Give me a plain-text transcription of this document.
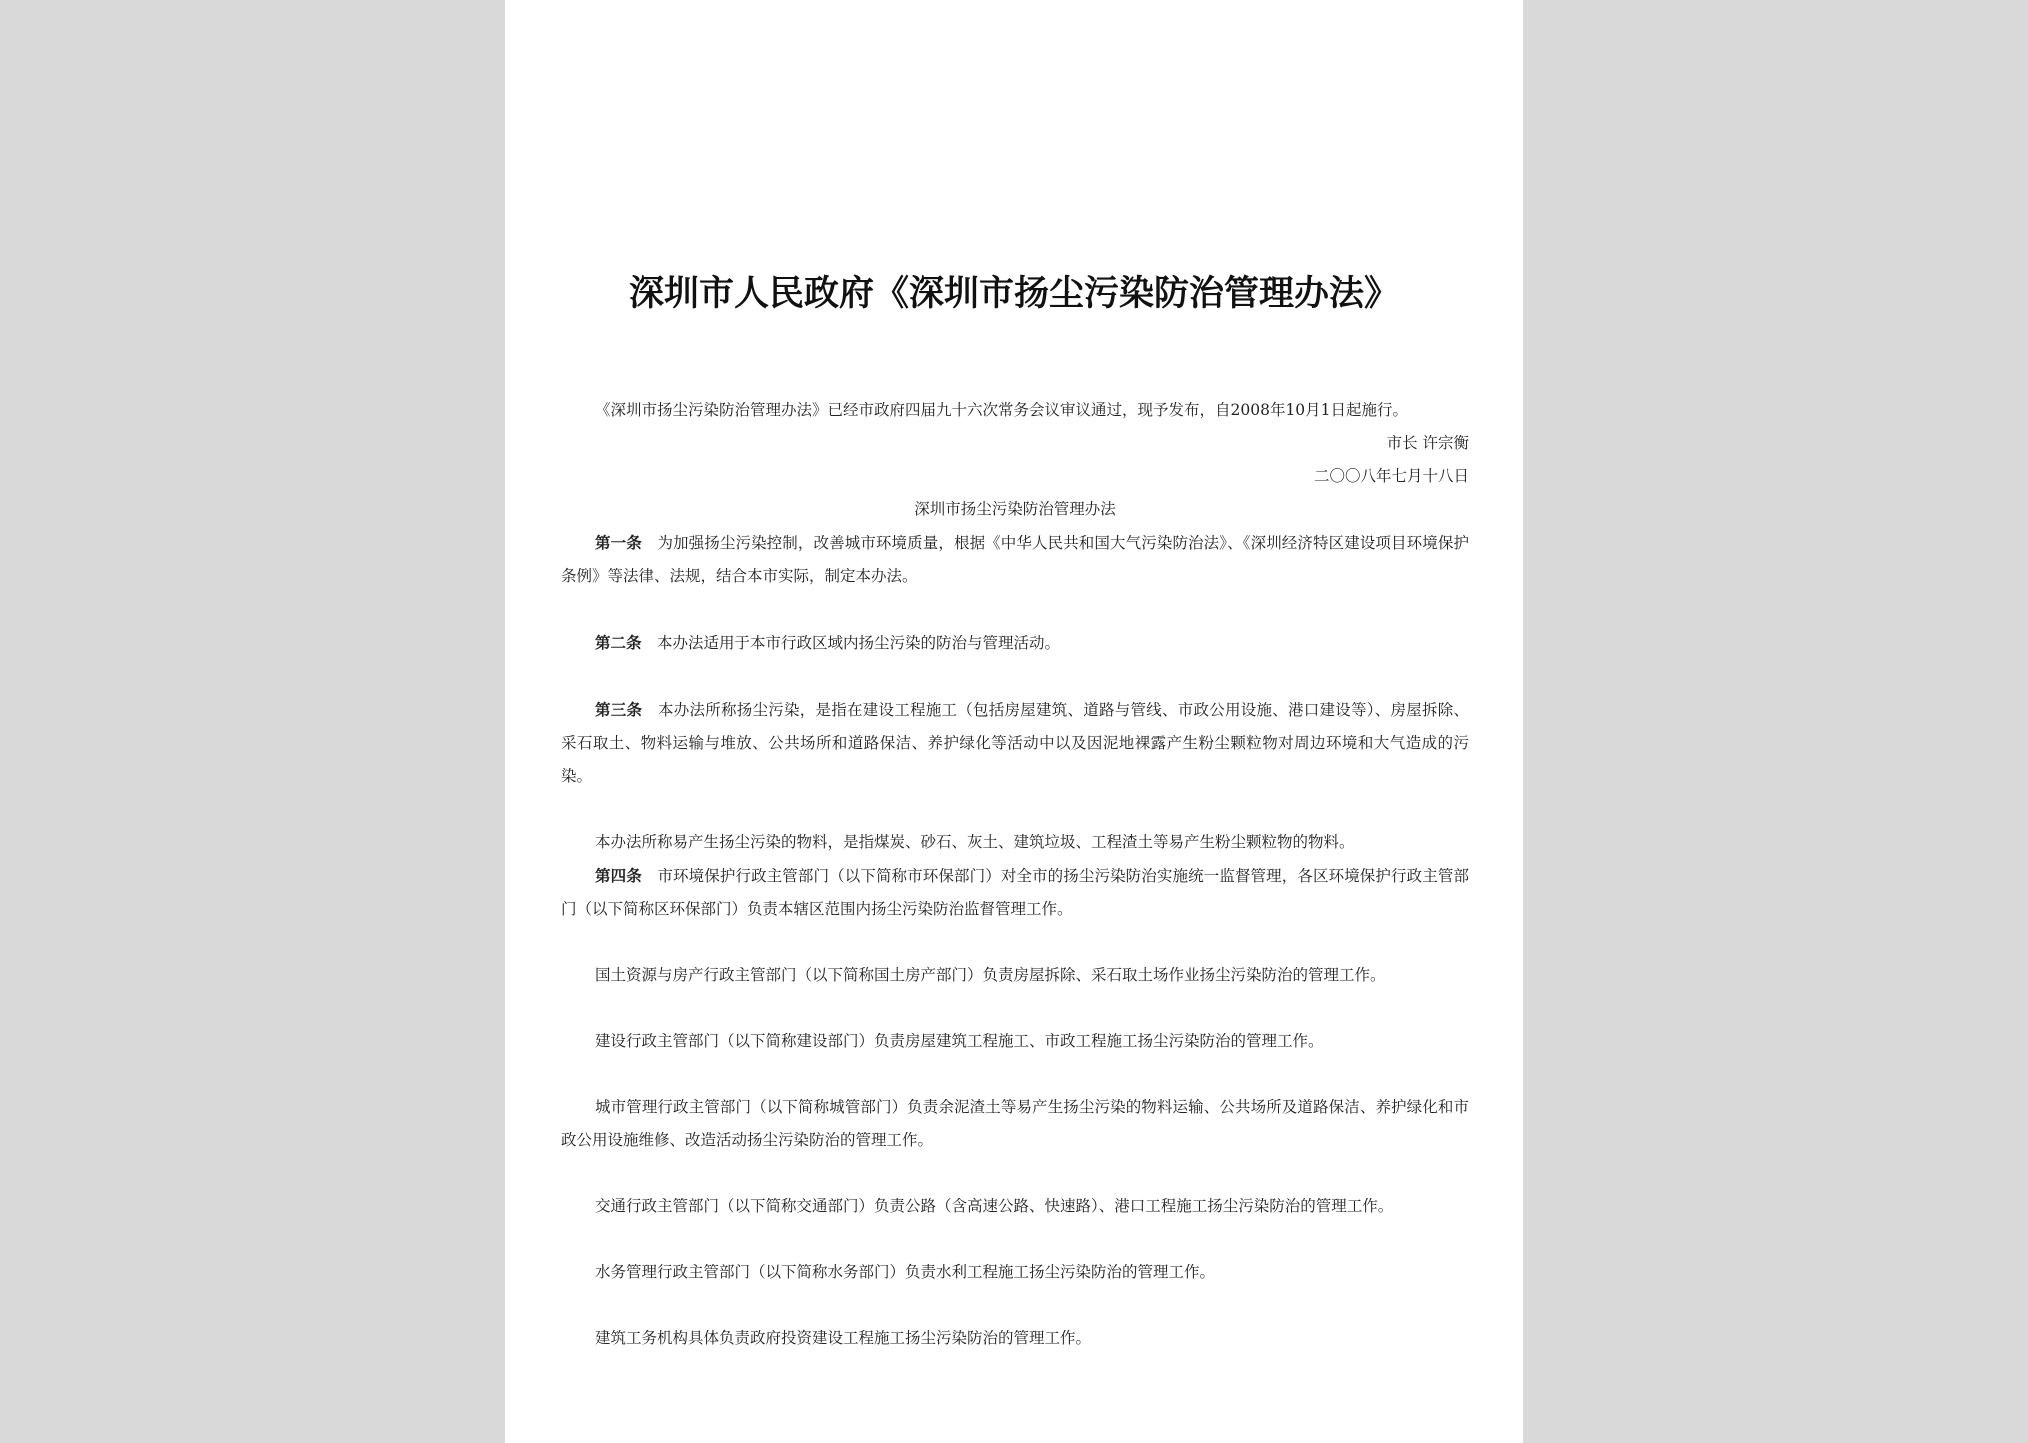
深圳市人民政府《深圳市扬尘污染防治管理办法》

《深圳市扬尘污染防治管理办法》已经市政府四届九十六次常务会议审议通过，现予发布，自2008年10月1日起施行。

市长 许宗衡

二〇〇八年七月十八日

深圳市扬尘污染防治管理办法

第一条　 为加强扬尘污染控制，改善城市环境质量，根据《中华人民共和国大气污染防治法》、《深圳经济特区建设项目环境保护条例》等法律、法规，结合本市实际，制定本办法。

第二条　 本办法适用于本市行政区域内扬尘污染的防治与管理活动。

第三条　 本办法所称扬尘污染，是指在建设工程施工（包括房屋建筑、道路与管线、市政公用设施、港口建设等）、房屋拆除、采石取土、物料运输与堆放、公共场所和道路保洁、养护绿化等活动中以及因泥地裸露产生粉尘颗粒物对周边环境和大气造成的污染。

本办法所称易产生扬尘污染的物料，是指煤炭、砂石、灰土、建筑垃圾、工程渣土等易产生粉尘颗粒物的物料。

第四条　 市环境保护行政主管部门（以下简称市环保部门）对全市的扬尘污染防治实施统一监督管理，各区环境保护行政主管部门（以下简称区环保部门）负责本辖区范围内扬尘污染防治监督管理工作。

国土资源与房产行政主管部门（以下简称国土房产部门）负责房屋拆除、采石取土场作业扬尘污染防治的管理工作。

建设行政主管部门（以下简称建设部门）负责房屋建筑工程施工、市政工程施工扬尘污染防治的管理工作。

城市管理行政主管部门（以下简称城管部门）负责余泥渣土等易产生扬尘污染的物料运输、公共场所及道路保洁、养护绿化和市政公用设施维修、改造活动扬尘污染防治的管理工作。

交通行政主管部门（以下简称交通部门）负责公路（含高速公路、快速路）、港口工程施工扬尘污染防治的管理工作。

水务管理行政主管部门（以下简称水务部门）负责水利工程施工扬尘污染防治的管理工作。

建筑工务机构具体负责政府投资建设工程施工扬尘污染防治的管理工作。
